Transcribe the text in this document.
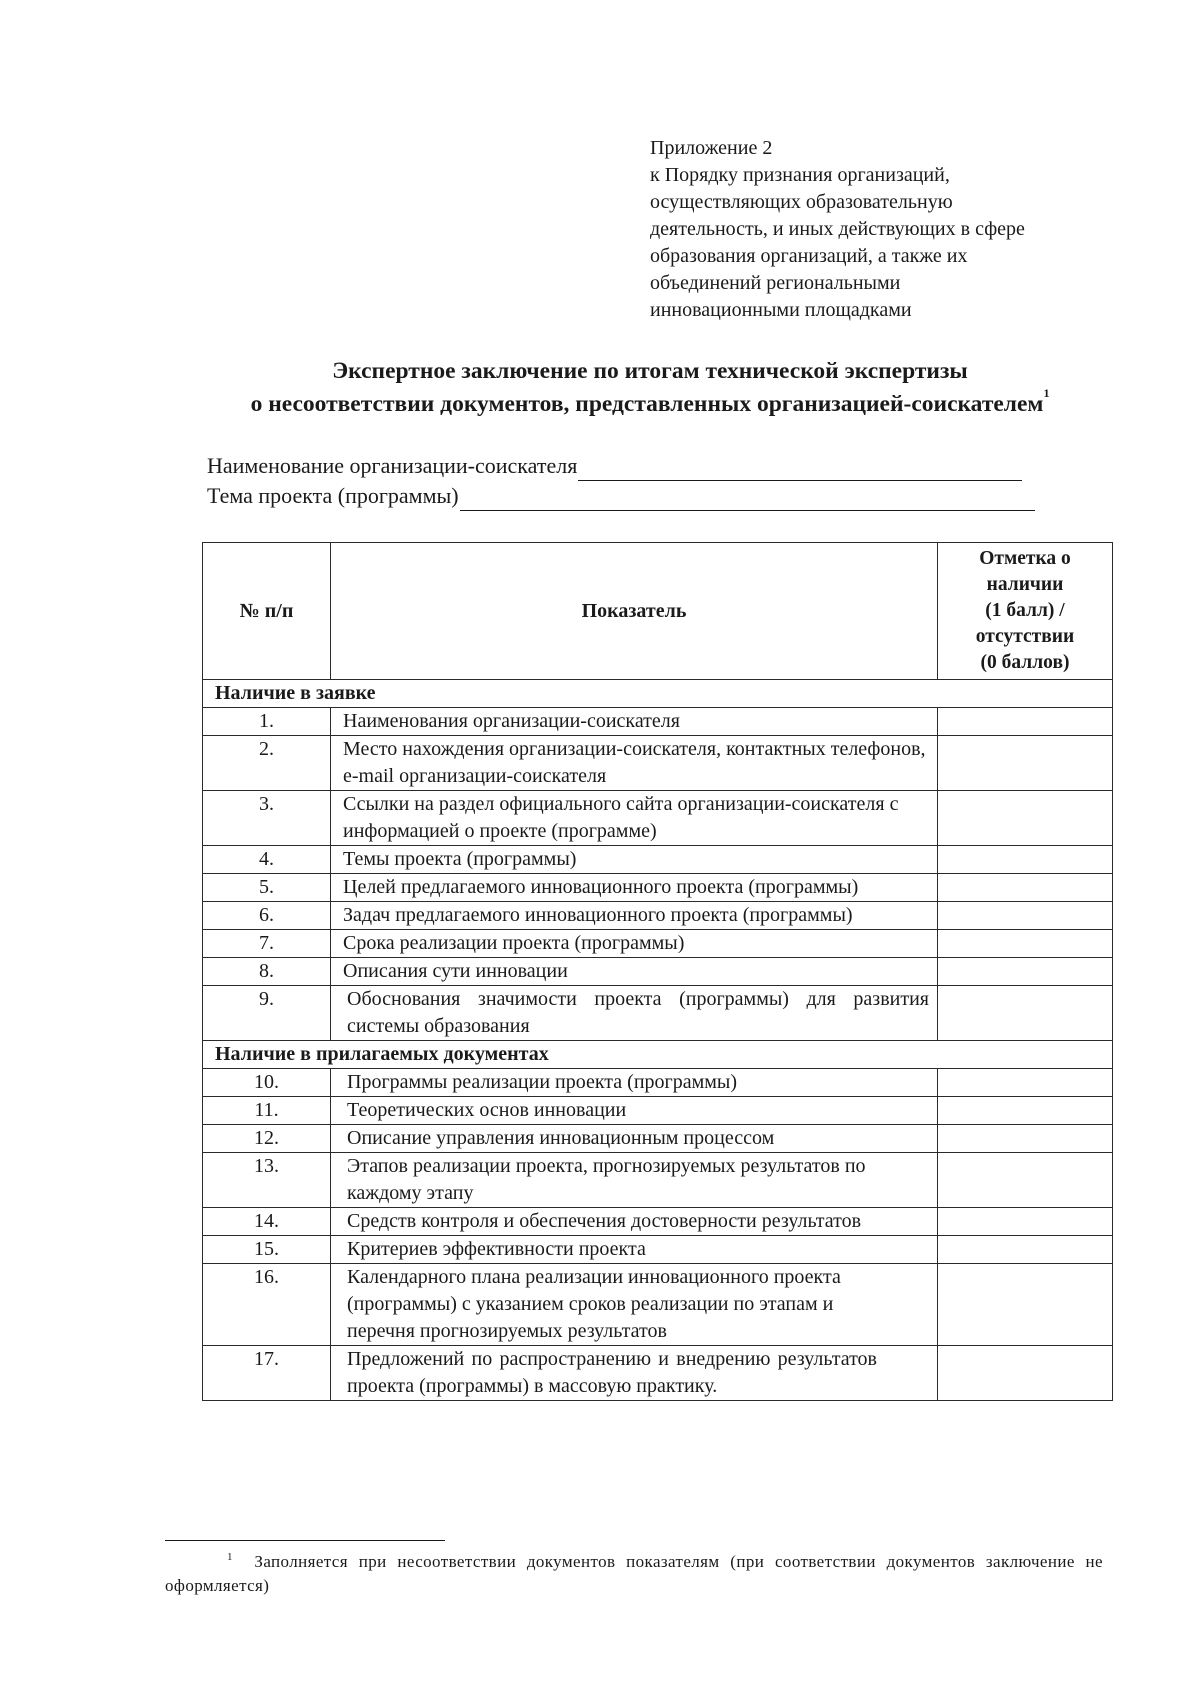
Приложение 2
к Порядку признания организаций,
осуществляющих образовательную
деятельность, и иных действующих в сфере
образования организаций, а также их
объединений региональными
инновационными площадками
Экспертное заключение по итогам технической экспертизы
о несоответствии документов, представленных организацией-соискателем$^1$
Наименование организации-соискателя
Тема проекта (программы)
№ п/п	Показатель	Отметка о
наличии
(1 балл) /
отсутствии
(0 баллов)

Наличие в заявке		
1.	Наименования организации-соискателя	
2.	Место нахождения организации-соискателя, контактных телефонов, e-mail организации-соискателя	
3.	Ссылки на раздел официального сайта организации-соискателя с информацией о проекте (программе)	
4.	Темы проекта (программы)	
5.	Целей предлагаемого инновационного проекта (программы)	
6.	Задач предлагаемого инновационного проекта (программы)	
7.	Срока реализации проекта (программы)	
8.	Описания сути инновации	
9.	Обоснования значимости проекта (программы) для развития системы образования	
Наличие в прилагаемых документах		
10.	Программы реализации проекта (программы)	
11.	Теоретических основ инновации	
12.	Описание управления инновационным процессом	
13.	Этапов реализации проекта, прогнозируемых результатов по каждому этапу	
14.	Средств контроля и обеспечения достоверности результатов	
15.	Критериев эффективности проекта	
16.	Календарного плана реализации инновационного проекта (программы) с указанием сроков реализации по этапам и перечня прогнозируемых результатов	
17.	Предложений по распространению и внедрению результатов проекта (программы) в массовую практику.	

$^1$ Заполняется при несоответствии документов показателям (при соответствии документов заключение не оформляется)
